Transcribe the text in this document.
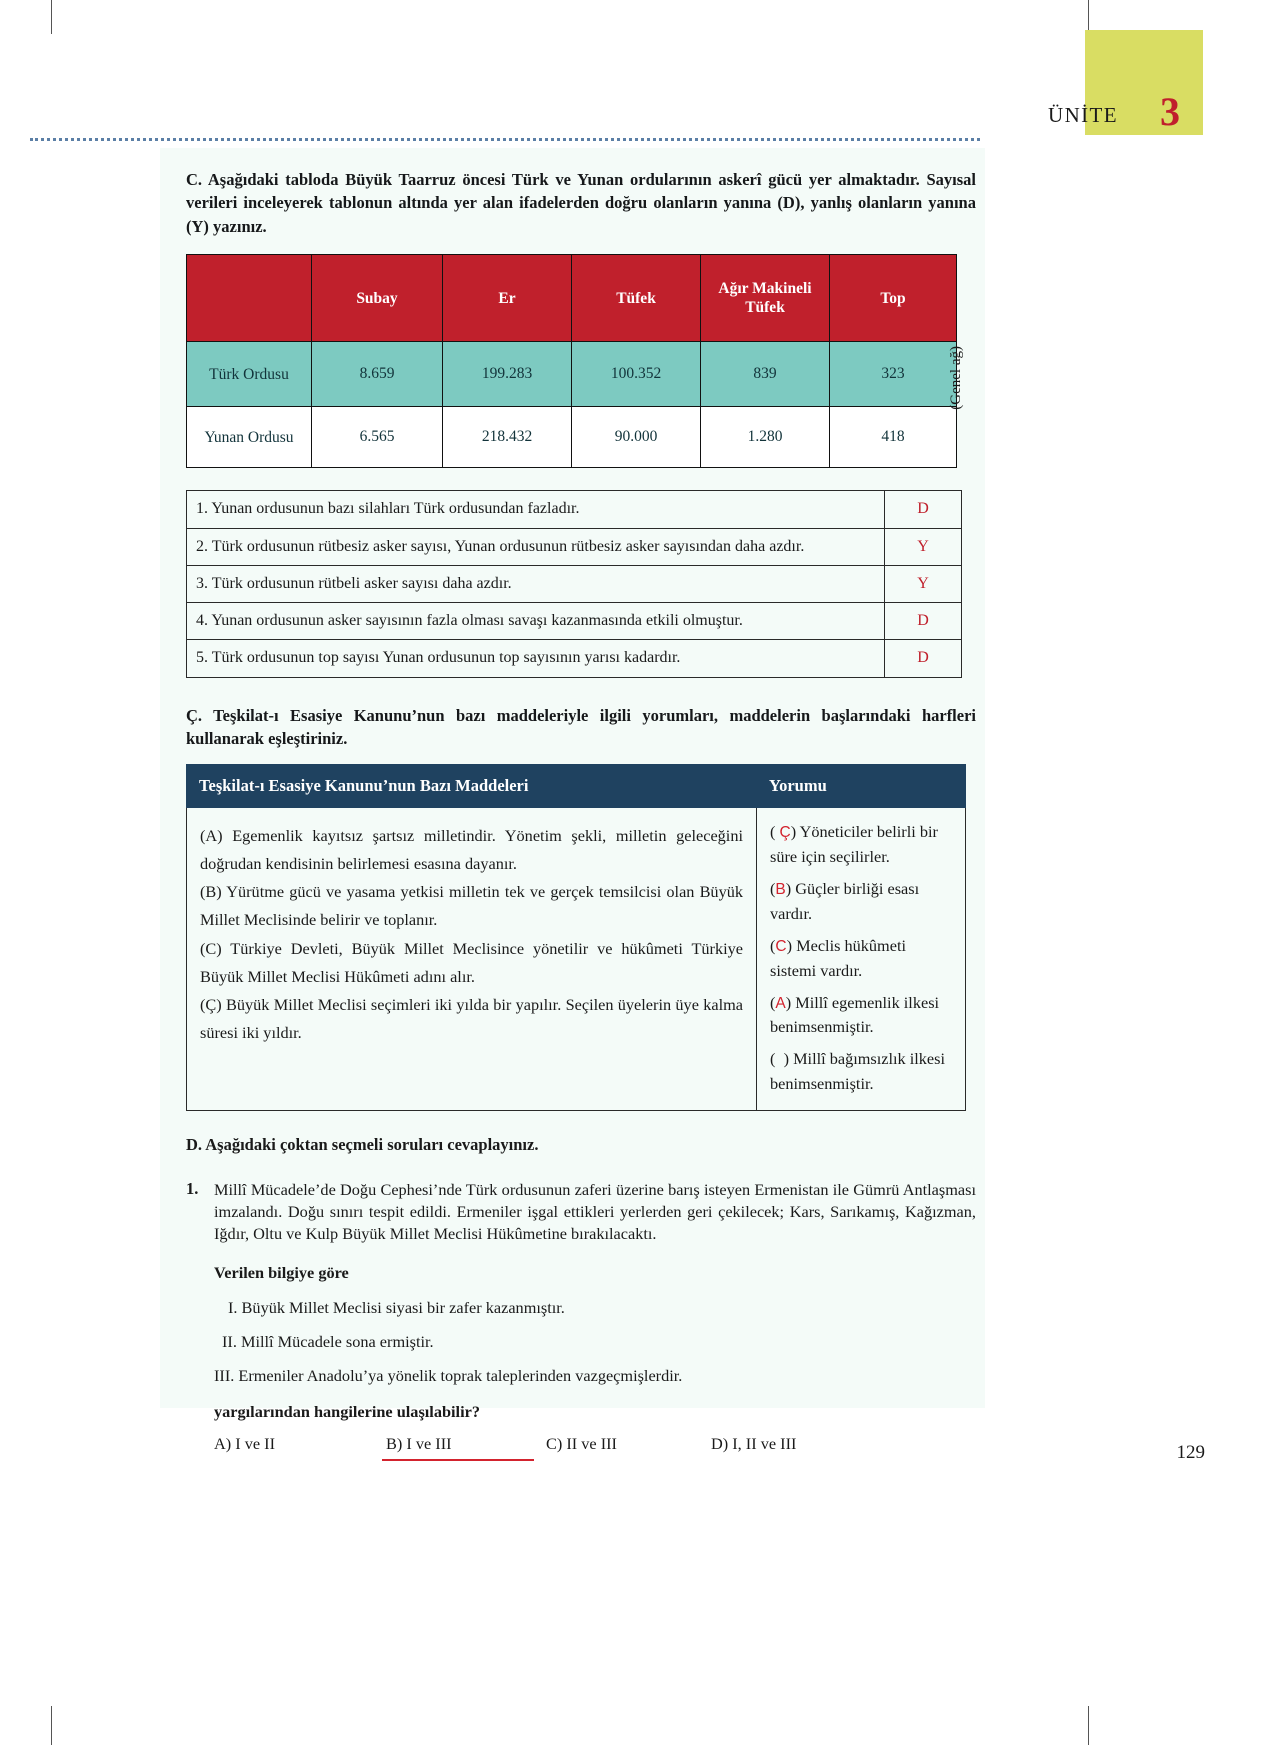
ÜNİTE 3

C. Aşağıdaki tabloda Büyük Taarruz öncesi Türk ve Yunan ordularının askerî gücü yer almaktadır. Sayısal verileri inceleyerek tablonun altında yer alan ifadelerden doğru olanların yanına (D), yanlış olanların yanına (Y) yazınız.

	Subay	Er	Tüfek	Ağır Makineli Tüfek	Top
Türk Ordusu	8.659	199.283	100.352	839	323
Yunan Ordusu	6.565	218.432	90.000	1.280	418
(Genel ağ)
1. Yunan ordusunun bazı silahları Türk ordusundan fazladır.	D
2. Türk ordusunun rütbesiz asker sayısı, Yunan ordusunun rütbesiz asker sayısından daha azdır.	Y
3. Türk ordusunun rütbeli asker sayısı daha azdır.	Y
4. Yunan ordusunun asker sayısının fazla olması savaşı kazanmasında etkili olmuştur.	D
5. Türk ordusunun top sayısı Yunan ordusunun top sayısının yarısı kadardır.	D

Ç. Teşkilat-ı Esasiye Kanunu’nun bazı maddeleriyle ilgili yorumları, maddelerin başlarındaki harfleri kullanarak eşleştiriniz.

Teşkilat-ı Esasiye Kanunu’nun Bazı Maddeleri	Yorumu

(A) Egemenlik kayıtsız şartsız milletindir. Yönetim şekli, milletin geleceğini doğrudan kendisinin belirlemesi esasına dayanır.
(B) Yürütme gücü ve yasama yetkisi milletin tek ve gerçek temsilcisi olan Büyük Millet Meclisinde belirir ve toplanır.
(C) Türkiye Devleti, Büyük Millet Meclisince yönetilir ve hükûmeti Türkiye Büyük Millet Meclisi Hükûmeti adını alır.
(Ç) Büyük Millet Meclisi seçimleri iki yılda bir yapılır. Seçilen üyelerin üye kalma süresi iki yıldır.

( Ç) Yöneticiler belirli bir süre için seçilirler.
(B) Güçler birliği esası vardır.
(C) Meclis hükûmeti sistemi vardır.
(A) Millî egemenlik ilkesi benimsenmiştir.
(  ) Millî bağımsızlık ilkesi benimsenmiştir.

D. Aşağıdaki çoktan seçmeli soruları cevaplayınız.

1. Millî Mücadele’de Doğu Cephesi’nde Türk ordusunun zaferi üzerine barış isteyen Ermenistan ile Gümrü Antlaşması imzalandı. Doğu sınırı tespit edildi. Ermeniler işgal ettikleri yerlerden geri çekilecek; Kars, Sarıkamış, Kağızman, Iğdır, Oltu ve Kulp Büyük Millet Meclisi Hükûmetine bırakılacaktı.

Verilen bilgiye göre

I. Büyük Millet Meclisi siyasi bir zafer kazanmıştır.

II. Millî Mücadele sona ermiştir.

III. Ermeniler Anadolu’ya yönelik toprak taleplerinden vazgeçmişlerdir.

yargılarından hangilerine ulaşılabilir?

A) I ve II	B) I ve III	C) II ve III	D) I, II ve III	129
